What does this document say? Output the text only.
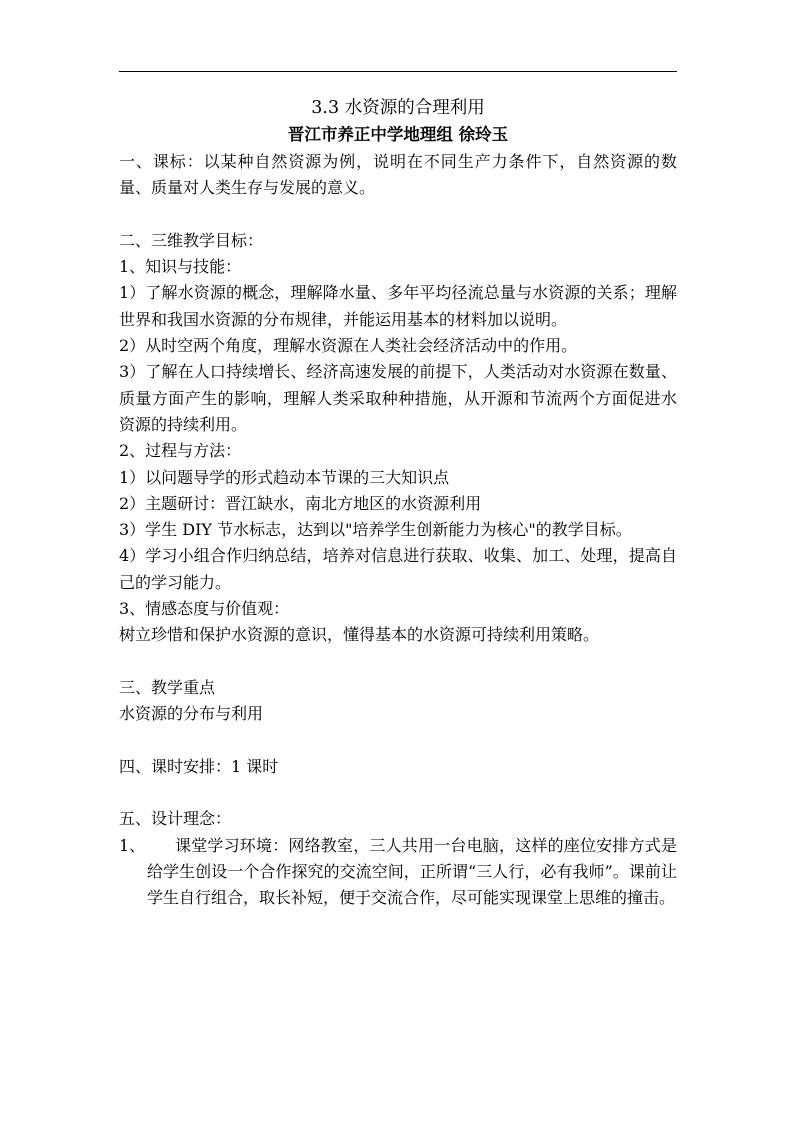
3.3 水资源的合理利用

晋江市养正中学地理组 徐玲玉

一、课标：以某种自然资源为例，说明在不同生产力条件下，自然资源的数量、质量对人类生存与发展的意义。

二、三维教学目标：

1、知识与技能：

1）了解水资源的概念，理解降水量、多年平均径流总量与水资源的关系；理解世界和我国水资源的分布规律，并能运用基本的材料加以说明。

2）从时空两个角度，理解水资源在人类社会经济活动中的作用。

3）了解在人口持续增长、经济高速发展的前提下，人类活动对水资源在数量、质量方面产生的影响，理解人类采取种种措施，从开源和节流两个方面促进水资源的持续利用。

2、过程与方法：

1）以问题导学的形式趋动本节课的三大知识点

2）主题研讨：晋江缺水，南北方地区的水资源利用

3）学生 DIY 节水标志，达到以"培养学生创新能力为核心"的教学目标。

4）学习小组合作归纳总结，培养对信息进行获取、收集、加工、处理，提高自己的学习能力。

3、情感态度与价值观：

树立珍惜和保护水资源的意识，懂得基本的水资源可持续利用策略。

三、教学重点

水资源的分布与利用

四、课时安排：1 课时

五、设计理念：

1、	课堂学习环境：网络教室，三人共用一台电脑，这样的座位安排方式是给学生创设一个合作探究的交流空间，正所谓“三人行，必有我师”。课前让学生自行组合，取长补短，便于交流合作，尽可能实现课堂上思维的撞击。
